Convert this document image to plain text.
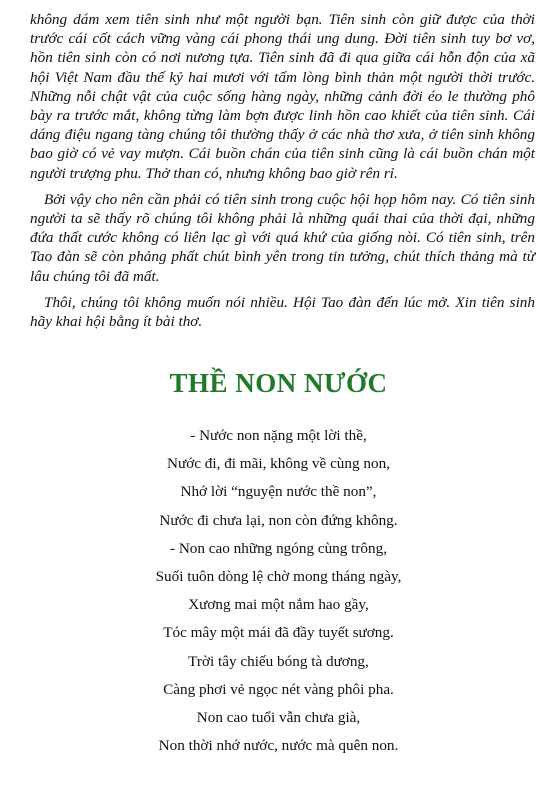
không dám xem tiên sinh như một người bạn. Tiên sinh còn giữ được của thời trước cái cốt cách vững vàng cái phong thái ung dung. Đời tiên sinh tuy bơ vơ, hồn tiên sinh còn có nơi nương tựa. Tiên sinh đã đi qua giữa cái hỗn độn của xã hội Việt Nam đầu thế kỷ hai mươi với tấm lòng bình thản một người thời trước. Những nỗi chật vật của cuộc sống hàng ngày, những cảnh đời éo le thường phô bày ra trước mắt, không từng làm bợn được linh hồn cao khiết của tiên sinh. Cái dáng điệu ngang tàng chúng tôi thường thấy ở các nhà thơ xưa, ở tiên sinh không bao giờ có vẻ vay mượn. Cái buồn chán của tiên sinh cũng là cái buồn chán một người trượng phu. Thở than có, nhưng không bao giờ rên rỉ.

Bởi vậy cho nên cần phải có tiên sinh trong cuộc hội họp hôm nay. Có tiên sinh người ta sẽ thấy rõ chúng tôi không phải là những quái thai của thời đại, những đứa thất cước không có liên lạc gì với quá khứ của giống nòi. Có tiên sinh, trên Tao đàn sẽ còn phảng phất chút bình yên trong tin tưởng, chút thích thảng mà từ lâu chúng tôi đã mất.

Thôi, chúng tôi không muốn nói nhiều. Hội Tao đàn đến lúc mở. Xin tiên sinh hãy khai hội bằng ít bài thơ.

THỀ NON NƯỚC
- Nước non nặng một lời thề,
Nước đi, đi mãi, không về cùng non,
Nhớ lời “nguyện nước thề non”,
Nước đi chưa lại, non còn đứng không.
- Non cao những ngóng cùng trông,
Suối tuôn dòng lệ chờ mong tháng ngày,
Xương mai một nắm hao gầy,
Tóc mây một mái đã đầy tuyết sương.
Trời tây chiếu bóng tà dương,
Càng phơi vẻ ngọc nét vàng phôi pha.
Non cao tuổi vẫn chưa già,
Non thời nhớ nước, nước mà quên non.
